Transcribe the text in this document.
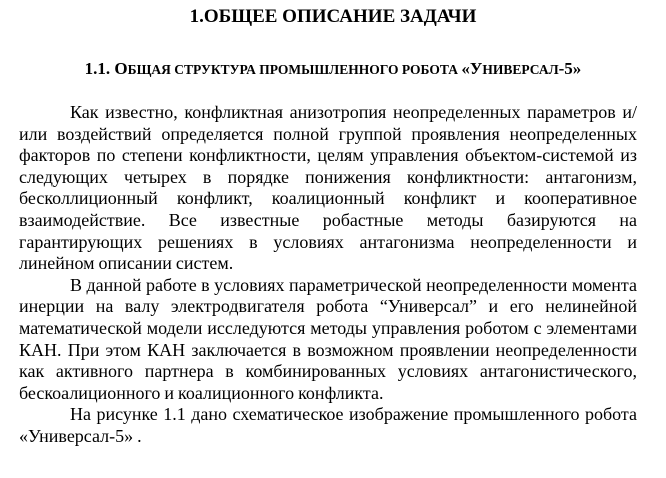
1.ОБЩЕЕ ОПИСАНИЕ ЗАДАЧИ
1.1. ОБЩАЯ СТРУКТУРА ПРОМЫШЛЕННОГО РОБОТА «УНИВЕРСАЛ-5»

Как известно, конфликтная анизотропия неопределенных параметров и/или воздействий определяется полной группой проявления неопределенных факторов по степени конфликтности, целям управления объектом-системой из следующих четырех в порядке понижения конфликтности: антагонизм, бесколлиционный конфликт, коалиционный конфликт и кооперативное взаимодействие. Все известные робастные методы базируются на гарантирующих решениях в условиях антагонизма неопределенности и линейном описании систем.

В данной работе в условиях параметрической неопределенности момента инерции на валу электродвигателя робота “Универсал” и его нелинейной математической модели исследуются методы управления роботом с элементами КАН. При этом КАН заключается в возможном проявлении неопределенности как активного партнера в комбинированных условиях антагонистического, бескоалиционного и коалиционного конфликта.

На рисунке 1.1 дано схематическое изображение промышленного робота «Универсал-5» .
